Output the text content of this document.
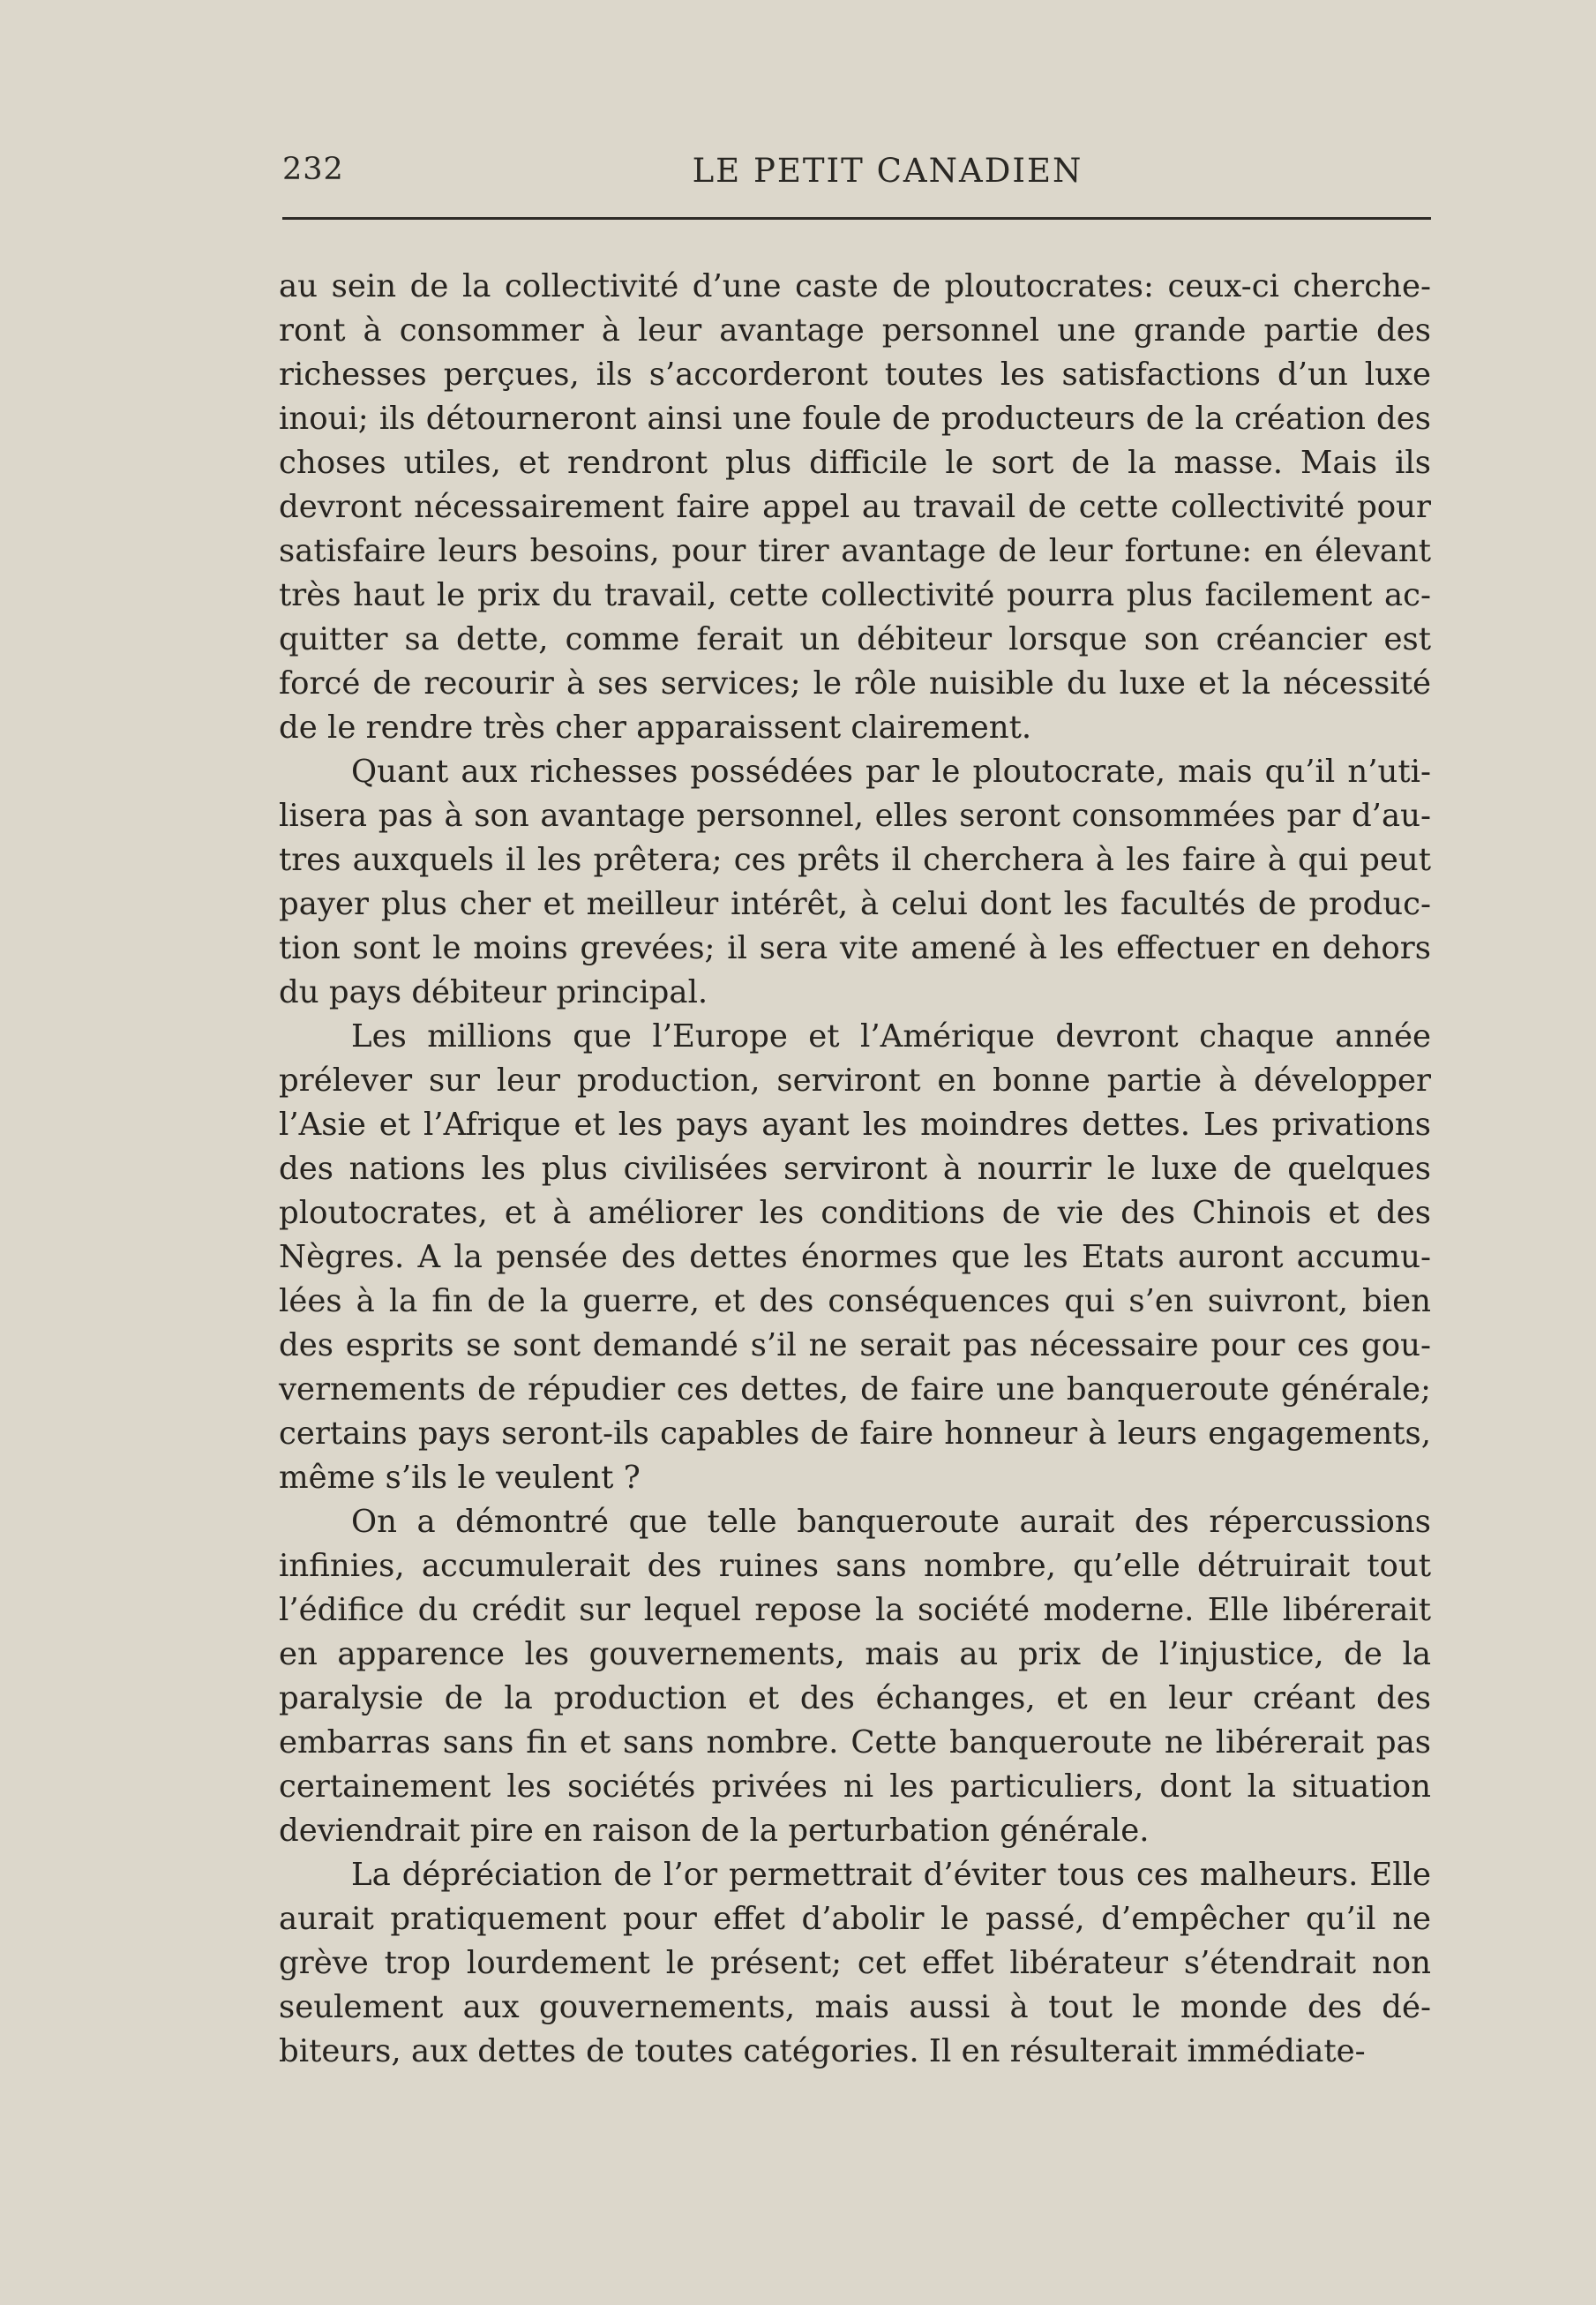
232	LE PETIT CANADIEN

au sein de la collectivité d’une caste de ploutocrates: ceux-ci chercheront à consommer à leur avantage personnel une grande partie des richesses perçues, ils s’accorderont toutes les satisfactions d’un luxe inoui; ils détourneront ainsi une foule de producteurs de la création des choses utiles, et rendront plus difficile le sort de la masse. Mais ils devront nécessairement faire appel au travail de cette collectivité pour satisfaire leurs besoins, pour tirer avantage de leur fortune: en élevant très haut le prix du travail, cette collectivité pourra plus facilement acquitter sa dette, comme ferait un débiteur lorsque son créancier est forcé de recourir à ses services; le rôle nuisible du luxe et la nécessité de le rendre très cher apparaissent clairement.

Quant aux richesses possédées par le ploutocrate, mais qu’il n’utilisera pas à son avantage personnel, elles seront consommées par d’autres auxquels il les prêtera; ces prêts il cherchera à les faire à qui peut payer plus cher et meilleur intérêt, à celui dont les facultés de production sont le moins grevées; il sera vite amené à les effectuer en dehors du pays débiteur principal.

Les millions que l’Europe et l’Amérique devront chaque année prélever sur leur production, serviront en bonne partie à développer l’Asie et l’Afrique et les pays ayant les moindres dettes. Les privations des nations les plus civilisées serviront à nourrir le luxe de quelques ploutocrates, et à améliorer les conditions de vie des Chinois et des Nègres. A la pensée des dettes énormes que les Etats auront accumulées à la fin de la guerre, et des conséquences qui s’en suivront, bien des esprits se sont demandé s’il ne serait pas nécessaire pour ces gouvernements de répudier ces dettes, de faire une banqueroute générale; certains pays seront-ils capables de faire honneur à leurs engagements, même s’ils le veulent ?

On a démontré que telle banqueroute aurait des répercussions infinies, accumulerait des ruines sans nombre, qu’elle détruirait tout l’édifice du crédit sur lequel repose la société moderne. Elle libérerait en apparence les gouvernements, mais au prix de l’injustice, de la paralysie de la production et des échanges, et en leur créant des embarras sans fin et sans nombre. Cette banqueroute ne libérerait pas certainement les sociétés privées ni les particuliers, dont la situation deviendrait pire en raison de la perturbation générale.

La dépréciation de l’or permettrait d’éviter tous ces malheurs. Elle aurait pratiquement pour effet d’abolir le passé, d’empêcher qu’il ne grève trop lourdement le présent; cet effet libérateur s’étendrait non seulement aux gouvernements, mais aussi à tout le monde des débiteurs, aux dettes de toutes catégories. Il en résulterait immédiate-
